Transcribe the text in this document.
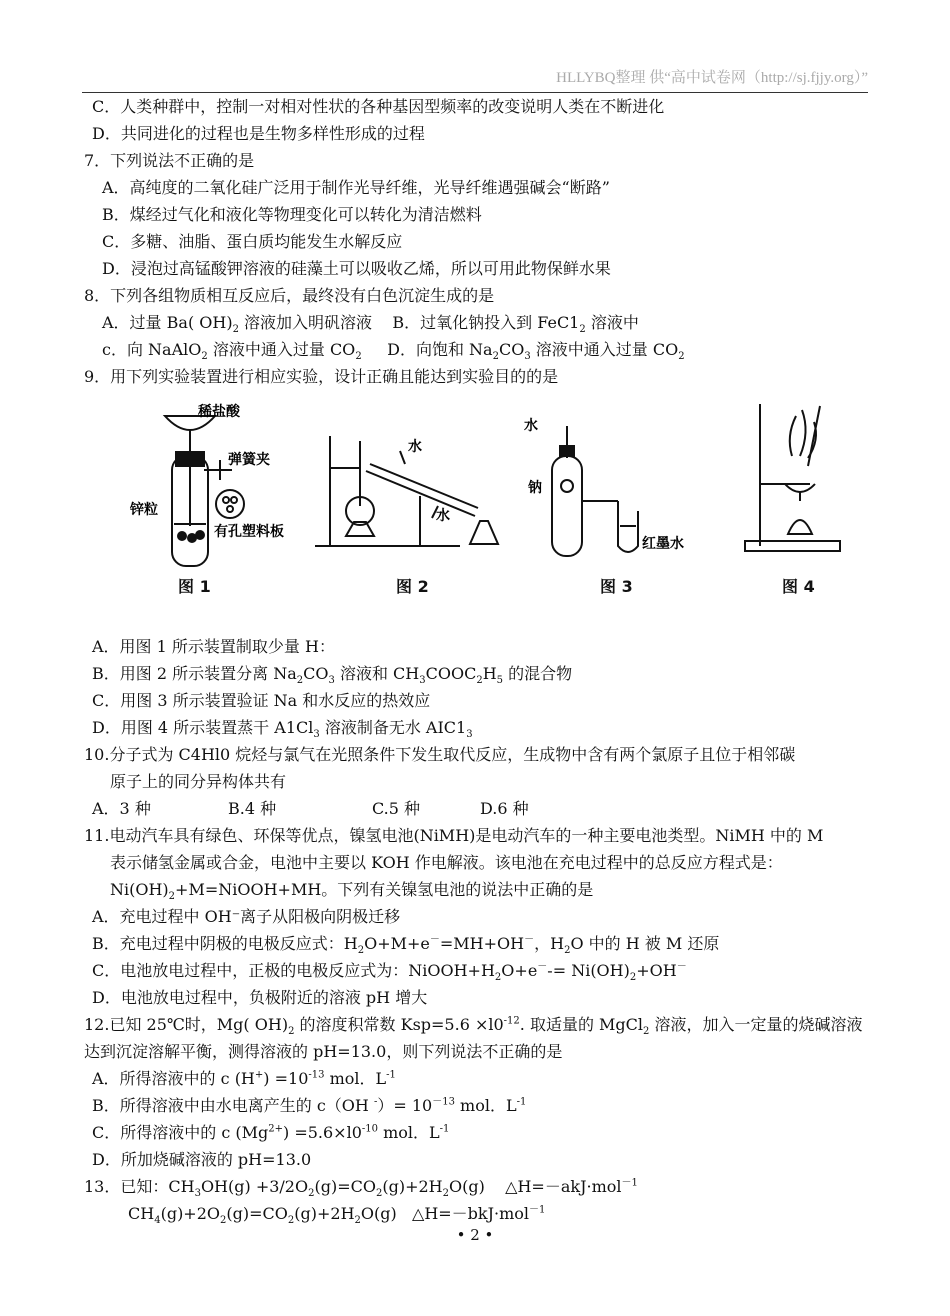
HLLYBQ整理 供“高中试卷网（http://sj.fjjy.org）”
C．人类种群中，控制一对相对性状的各种基因型频率的改变说明人类在不断进化
D．共同进化的过程也是生物多样性形成的过程
7．下列说法不正确的是
A．高纯度的二氧化硅广泛用于制作光导纤维，光导纤维遇强碱会“断路”
B．煤经过气化和液化等物理变化可以转化为清洁燃料
C．多糖、油脂、蛋白质均能发生水解反应
D．浸泡过高锰酸钾溶液的硅藻土可以吸收乙烯，所以可用此物保鲜水果
8．下列各组物质相互反应后，最终没有白色沉淀生成的是
A．过量 Ba( $OH)_2$ 溶液加入明矾溶液    B．过氧化钠投入到 $FeC1_2$ 溶液中
c．向 NaAlO$_2$ 溶液中通入过量 $CO_2$     D．向饱和 $Na_2CO_3$ 溶液中通入过量 $CO_2$
9．用下列实验装置进行相应实验，设计正确且能达到实验目的的是
稀盐酸
弹簧夹
锌粒
有孔塑料板
水
水
水
钠
红墨水
图 1	图 2	图 3	图 4
A．用图 1 所示装置制取少量 H：
B．用图 2 所示装置分离 $Na_2CO_3$ 溶液和 $CH_3COOC_2H_5$ 的混合物
C．用图 3 所示装置验证 Na 和水反应的热效应
D．用图 4 所示装置蒸干 $A1Cl_3$ 溶液制备无水 $AIC1_3$
10.分子式为 C4Hl0 烷烃与氯气在光照条件下发生取代反应，生成物中含有两个氯原子且位于相邻碳
原子上的同分异构体共有
A．3 种	B.4 种	C.5 种	D.6 种
11.电动汽车具有绿色、环保等优点，镍氢电池(NiMH)是电动汽车的一种主要电池类型。NiMH 中的 M
表示储氢金属或合金，电池中主要以 KOH 作电解液。该电池在充电过程中的总反应方程式是：
$Ni(OH)_2+M=NiOOH+MH$。下列有关镍氢电池的说法中正确的是
A．充电过程中 OH⁻离子从阳极向阴极迁移
B．充电过程中阴极的电极反应式：$H_2O+M+e^-=MH+OH^-$，$H_2O$ 中的 H 被 M 还原
C．电池放电过程中，正极的电极反应式为：$NiOOH+H_2O+e^--= Ni(OH)_2+OH^-$
D．电池放电过程中，负极附近的溶液 pH 增大
12.已知 25℃时，Mg( $OH)_2$ 的溶度积常数 $Ksp=5.6 \times l0^{-12}$. 取适量的 MgCl$_2$ 溶液，加入一定量的烧碱溶液
达到沉淀溶解平衡，测得溶液的 pH=13.0，则下列说法不正确的是
A．所得溶液中的 c $(H^+) =10^{-13}$ mol．$L^{-1}$
B．所得溶液中由水电离产生的 c（OH $^-)= 10^{-13}$ mol．$L^{-1}$
C．所得溶液中的 c $(Mg^{2+}) =5.6\times l0^{-10}$ mol．$L^{-1}$
D．所加烧碱溶液的 pH=13.0
13．已知：$CH_3OH(g) +3/2O_2(g)=CO_2(g)+2H_2O(g)$    △H=－akJ·mol$^{-1}$
$CH_4(g)+2O_2(g)=CO_2(g)+2H_2O(g)$   △H=－bkJ·mol$^{-1}$
• 2 •
